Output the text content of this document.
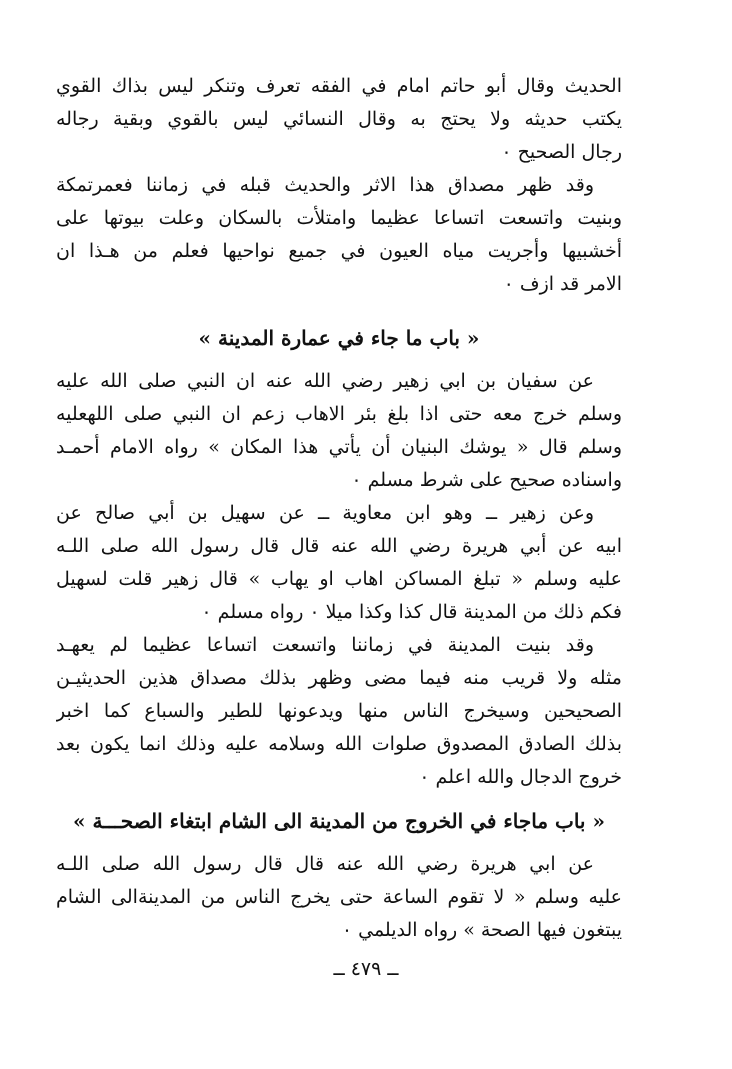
الحديث وقال أبو حاتم امام في الفقه تعرف وتنكر ليس بذاك القوي
يكتب حديثه ولا يحتج به وقال النسائي ليس بالقوي وبقية رجاله
رجال الصحيح ٠
وقد ظهر مصداق هذا الاثر والحديث قبله في زماننا فعمرتمكة
وبنيت واتسعت اتساعا عظيما وامتلأت بالسكان وعلت بيوتها على
أخشبيها وأجريت مياه العيون في جميع نواحيها فعلم من هـذا ان
الامر قد ازف ٠
« باب ما جاء في عمارة المدينة »
عن سفيان بن ابي زهير رضي الله عنه ان النبي صلى الله عليه
وسلم خرج معه حتى اذا بلغ بئر الاهاب زعم ان النبي صلى اللهعليه
وسلم قال « يوشك البنيان أن يأتي هذا المكان » رواه الامام أحمـد
واسناده صحيح على شرط مسلم ٠
وعن زهير ــ وهو ابن معاوية ــ عن سهيل بن أبي صالح عن
ابيه عن أبي هريرة رضي الله عنه قال قال رسول الله صلى اللـه
عليه وسلم « تبلغ المساكن اهاب او يهاب » قال زهير قلت لسهيل
فكم ذلك من المدينة قال كذا وكذا ميلا ٠ رواه مسلم ٠
وقد بنيت المدينة في زماننا واتسعت اتساعا عظيما لم يعهـد
مثله ولا قريب منه فيما مضى وظهر بذلك مصداق هذين الحديثيـن
الصحيحين وسيخرج الناس منها ويدعونها للطير والسباع كما اخبر
بذلك الصادق المصدوق صلوات الله وسلامه عليه وذلك انما يكون بعد
خروج الدجال والله اعلم ٠
« باب ماجاء في الخروج من المدينة الى الشام ابتغاء الصحـــة »
عن ابي هريرة رضي الله عنه قال قال رسول الله صلى اللـه
عليه وسلم « لا تقوم الساعة حتى يخرج الناس من المدينةالى الشام
يبتغون فيها الصحة » رواه الديلمي ٠
ــ ٤٧٩ ــ
